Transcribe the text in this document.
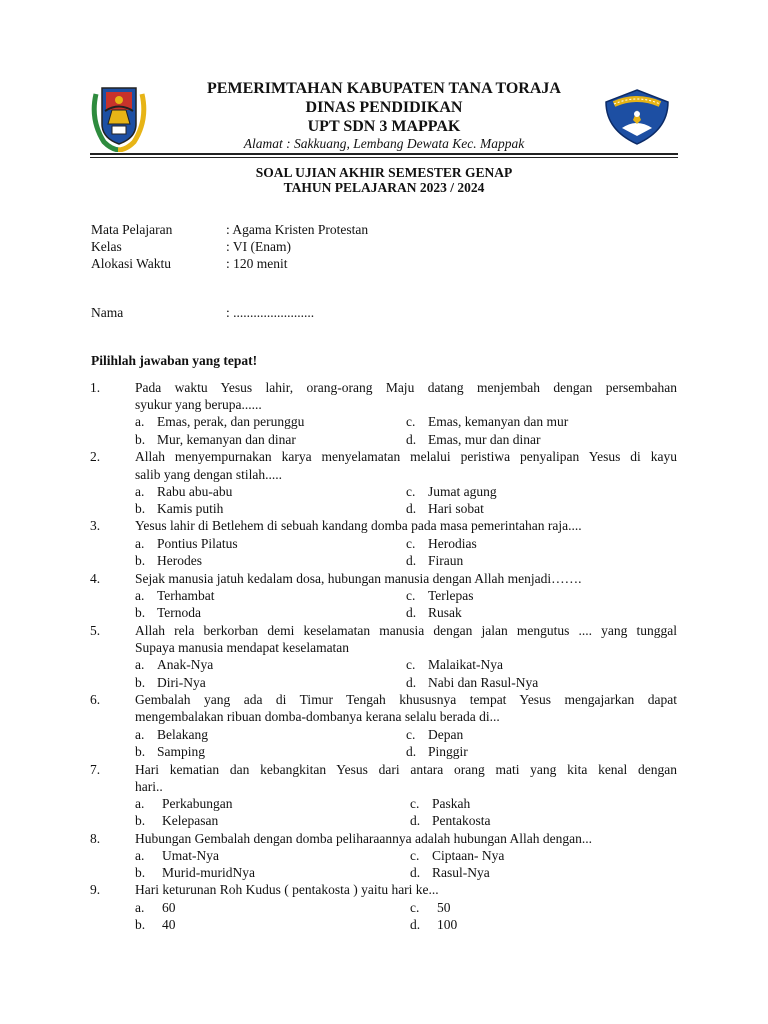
PEMERIMTAHAN KABUPATEN TANA TORAJA
DINAS PENDIDIKAN
UPT SDN 3 MAPPAK
Alamat : Sakkuang, Lembang Dewata Kec. Mappak
SOAL UJIAN AKHIR SEMESTER GENAP
TAHUN PELAJARAN 2023 / 2024
Mata Pelajaran	: Agama Kristen Protestan
Kelas	: VI (Enam)
Alokasi Waktu	: 120 menit
Nama	: ........................
Pilihlah jawaban yang tepat!
1.	Pada waktu Yesus lahir, orang-orang Maju datang menjembah dengan persembahan
syukur yang berupa......
a. Emas, perak, dan perunggu	c. Emas, kemanyan dan mur
b. Mur, kemanyan dan dinar	d. Emas, mur dan dinar
2.	Allah menyempurnakan karya menyelamatan melalui peristiwa penyalipan Yesus di kayu
salib yang dengan stilah.....
a. Rabu abu-abu	c. Jumat agung
b. Kamis putih	d. Hari sobat
3.	Yesus lahir di Betlehem di sebuah kandang domba pada masa pemerintahan raja....
a. Pontius Pilatus	c. Herodias
b. Herodes	d. Firaun
4.	Sejak manusia jatuh kedalam dosa, hubungan manusia dengan Allah menjadi…….
a. Terhambat	c. Terlepas
b. Ternoda	d. Rusak
5.	Allah rela berkorban demi keselamatan manusia dengan jalan mengutus .... yang tunggal
Supaya manusia mendapat keselamatan
a. Anak-Nya	c. Malaikat-Nya
b. Diri-Nya	d. Nabi dan Rasul-Nya
6.	Gembalah yang ada di Timur Tengah khususnya tempat Yesus mengajarkan dapat
mengembalakan ribuan domba-dombanya kerana selalu berada di...
a. Belakang	c. Depan
b. Samping	d. Pinggir
7.	Hari kematian dan kebangkitan Yesus dari antara orang mati yang kita kenal dengan
hari..
a. Perkabungan	c. Paskah
b. Kelepasan	d. Pentakosta
8.	Hubungan Gembalah dengan domba peliharaannya adalah hubungan Allah dengan...
a. Umat-Nya	c. Ciptaan- Nya
b. Murid-muridNya	d. Rasul-Nya
9.	Hari keturunan Roh Kudus ( pentakosta ) yaitu hari ke...
a. 60	c. 50
b. 40	d. 100
